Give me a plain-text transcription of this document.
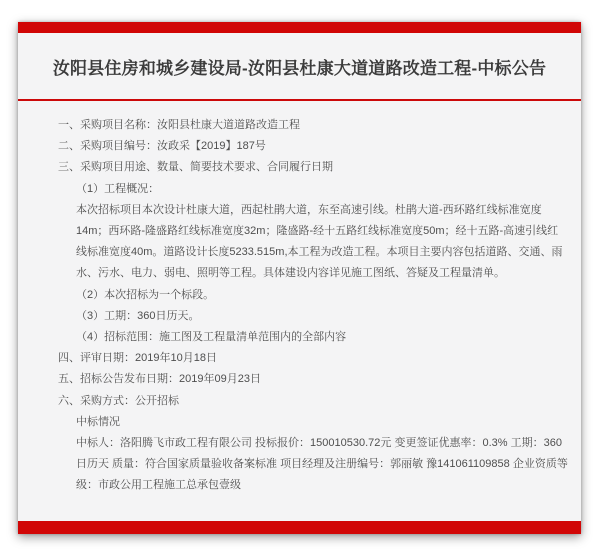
汝阳县住房和城乡建设局-汝阳县杜康大道道路改造工程-中标公告
一、采购项目名称：汝阳县杜康大道道路改造工程
二、采购项目编号：汝政采【2019】187号
三、采购项目用途、数量、简要技术要求、合同履行日期
（1）工程概况：
本次招标项目本次设计杜康大道，西起杜鹃大道，东至高速引线。杜鹃大道-西环路红线标准宽度14m；西环路-隆盛路红线标准宽度32m；隆盛路-经十五路红线标准宽度50m；经十五路-高速引线红线标准宽度40m。道路设计长度5233.515m,本工程为改造工程。本项目主要内容包括道路、交通、雨水、污水、电力、弱电、照明等工程。具体建设内容详见施工图纸、答疑及工程量清单。
（2）本次招标为一个标段。
（3）工期：360日历天。
（4）招标范围：施工图及工程量清单范围内的全部内容
四、评审日期：2019年10月18日
五、招标公告发布日期：2019年09月23日
六、采购方式：公开招标
中标情况
中标人：洛阳腾飞市政工程有限公司 投标报价：150010530.72元 变更签证优惠率：0.3% 工期：360日历天 质量：符合国家质量验收备案标准 项目经理及注册编号：郭丽敏 豫141061109858 企业资质等级：市政公用工程施工总承包壹级
